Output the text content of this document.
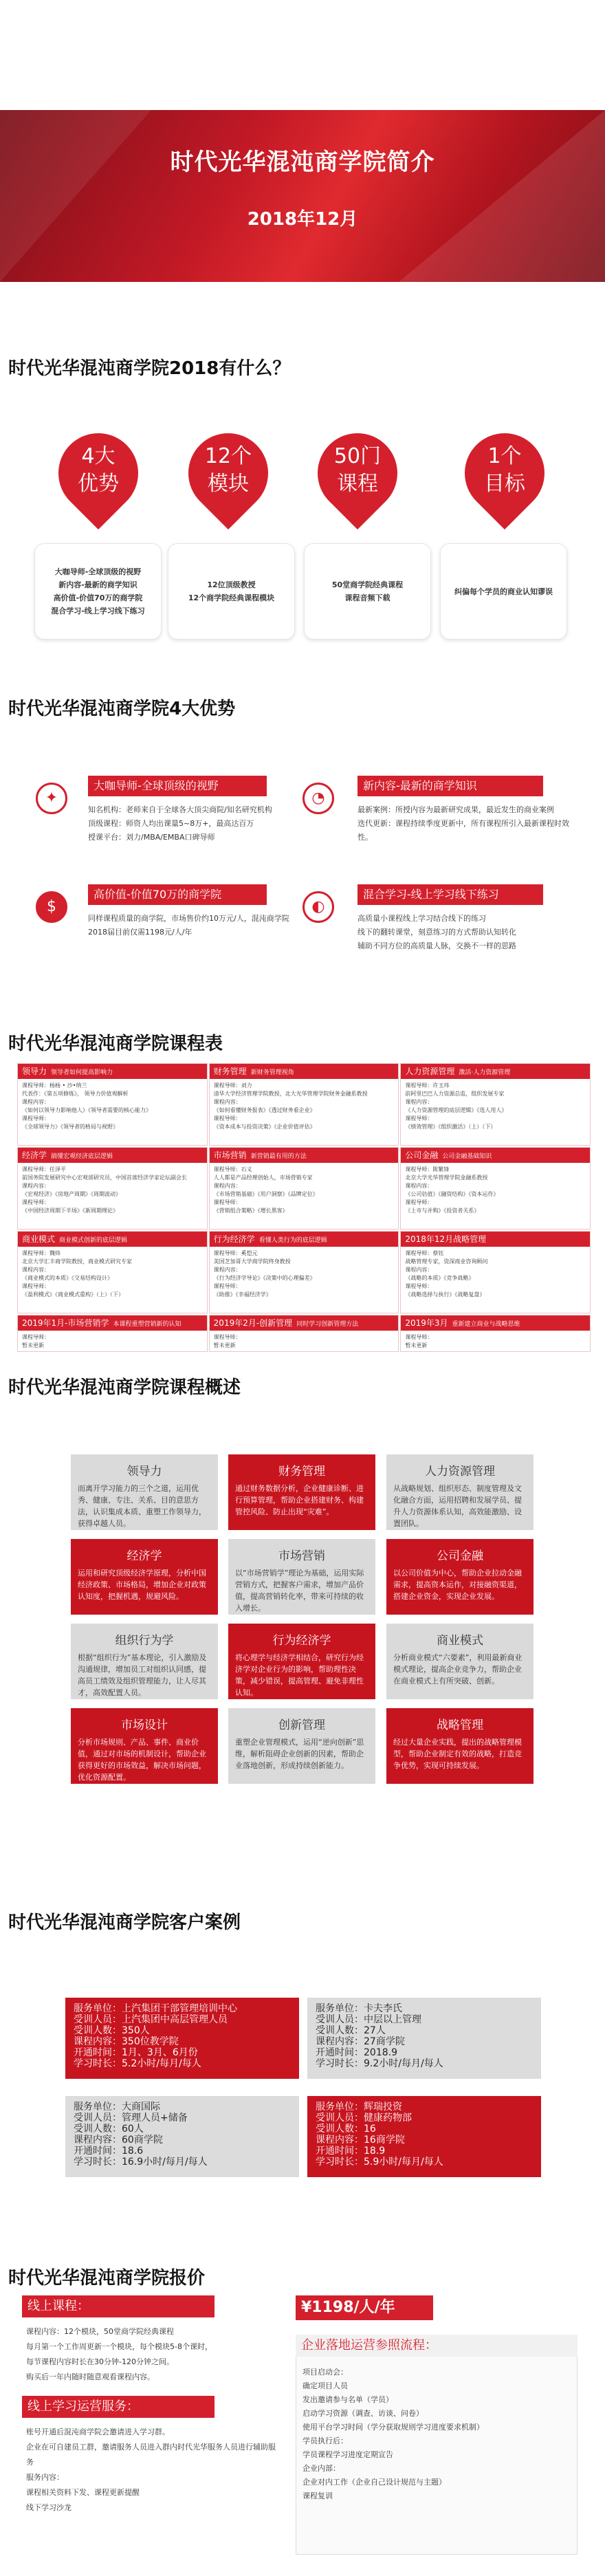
时代光华混沌商学院简介
2018年12月
时代光华混沌商学院2018有什么？
4大
优势
12个
模块
50门
课程
1个
目标
大咖导师-全球顶级的视野
新内容-最新的商学知识
高价值-价值70万的商学院
混合学习-线上学习线下练习
12位顶级教授
12个商学院经典课程模块
50堂商学院经典课程
课程音频下载
纠偏每个学员的商业认知谬误
时代光华混沌商学院4大优势
✦
大咖导师-全球顶级的视野
知名机构：老师来自于全球各大顶尖商院/知名研究机构
顶级课程：师资人均出课量5~8万+，最高达百万
授课平台：刘力/MBA/EMBA口碑导师
◔
新内容-最新的商学知识
最新案例：所授内容为最新研究成果，最近发生的商业案例
迭代更新：课程持续季度更新中，所有课程所引入最新课程时效性。
$
高价值-价值70万的商学院
同样课程质量的商学院，市场售价约10万元/人，混沌商学院2018届目前仅需1198元/人/年
◐
混合学习-线上学习线下练习
高质量小课程线上学习结合线下的练习
线下的翻转课堂，刻意练习的方式帮助认知转化
辅助不同方位的高质量人脉，交换不一样的思路
时代光华混沌商学院课程表
领导力 领导者如何提高影响力
课程导师：杨杨 • 沙•纳兰
代表作：《第五项修炼》， 领导力价值观解析
课程内容：
《如何以领导力影响他人》《领导者需要的核心能力》
课程导师：
《全球领导力》《领导者的格局与视野》
财务管理 新财务管理视角
课程导师：刘力
清华大学经济管理学院教授，北大光华管理学院财务金融系教授
课程内容：
《如何看懂财务报表》《透过财务看企业》
课程导师：
《资本成本与投资决策》《企业价值评估》
人力资源管理 激活·人力资源管理
课程导师：许玉玮
前阿里巴巴人力资源总监，组织发展专家
课程内容：
《人力资源管理的底层逻辑》《选人用人》
课程导师：
《绩效管理》《组织激活》（上）（下）
经济学 搞懂宏观经济底层逻辑
课程导师：任泽平
前国务院发展研究中心宏观部研究员，中国首席经济学家论坛副会长
课程内容：
《宏观经济》《房地产周期》《周期波动》
课程导师：
《中国经济周期下半场》《新周期理论》
市场营销 新营销最有用的方法
课程导师：石义
人人都是产品经理创始人，市场营销专家
课程内容：
《市场营销基础》《用户洞察》《品牌定位》
课程导师：
《营销组合策略》《增长黑客》
公司金融 公司金融基础知识
课程导师：陈繁锋
北京大学光华管理学院金融系教授
课程内容：
《公司估值》《融资结构》《资本运作》
课程导师：
《上市与并购》《投资者关系》
商业模式 商业模式创新的底层逻辑
课程导师：魏炜
北京大学汇丰商学院教授，商业模式研究专家
课程内容：
《商业模式的本质》《交易结构设计》
课程导师：
《盈利模式》《商业模式重构》（上）（下）
行为经济学 看懂人类行为的底层逻辑
课程导师：奚恺元
美国芝加哥大学商学院终身教授
课程内容：
《行为经济学导论》《决策中的心理偏差》
课程导师：
《助推》《幸福经济学》
2018年12月战略管理
课程导师：蔡钰
战略管理专家，资深商业咨询顾问
课程内容：
《战略的本质》《竞争战略》
课程导师：
《战略选择与执行》《战略复盘》
2019年1月-市场营销学 本课程重塑营销新的认知
课程导师：
暂未更新
2019年2月-创新管理 同时学习创新管理方法
课程导师：
暂未更新
2019年3月 重新建立商业与战略思维
课程导师：
暂未更新
时代光华混沌商学院课程概述
领导力
而离开学习能力的三个之道，运用优秀、健康、专注、关系、目的意思方法，认识集成本质、重塑工作领导力，获得卓越人员。
财务管理
通过财务数据分析，企业健康诊断、进行预算管理，帮助企业搭建财务、构建管控风险、防止出现“灾难”。
人力资源管理
从战略规划、组织形态、制度管理及文化融合方面，运用招聘和发展学员、提升人力资源体系认知，高效能激励、设置团队。
经济学
运用和研究顶级经济学原理，分析中国经济政策、市场格局，增加企业对政策认知度，把握机遇，规避风险。
市场营销
以“市场营销学”理论为基础，运用实际营销方式，把握客户需求，增加产品价值，提高营销转化率，带来可持续的收入增长。
公司金融
以公司价值为中心，帮助企业拉动金融需求，提高资本运作，对接融资渠道，搭建企业资金，实现企业发展。
组织行为学
根据“组织行为”基本理论，引入激励及沟通规律，增加员工对组织认同感，提高员工绩效及组织管理能力，让人尽其才，高效配置人员。
行为经济学
将心理学与经济学相结合，研究行为经济学对企业行为的影响，帮助理性决策，减少错误，提高管理、避免非理性认知。
商业模式
分析商业模式“六要素”，利用最新商业模式理论，提高企业竞争力，帮助企业在商业模式上有所突破、创新。
市场设计
分析市场规则、产品、事件、商业价值，通过对市场的机制设计，帮助企业获得更好的市场效益，解决市场问题，优化资源配置。
创新管理
重塑企业管理模式，运用“逆向创新”思维，解析阻碍企业创新的因素，帮助企业落地创新，形成持续创新能力。
战略管理
经过大量企业实践，提出的战略管理模型，帮助企业制定有效的战略，打造竞争优势，实现可持续发展。
时代光华混沌商学院客户案例
服务单位：上汽集团干部管理培训中心
受训人员：上汽集团中高层管理人员
受训人数：350人
课程内容：350位教学院
开通时间：1月、3月、6月份
学习时长：5.2小时/每月/每人
服务单位：卡夫李氏
受训人员：中层以上管理
受训人数：27人
课程内容：27商学院
开通时间：2018.9
学习时长：9.2小时/每月/每人
服务单位：大商国际
受训人员：管理人员+储备
受训人数：60人
课程内容：60商学院
开通时间：18.6
学习时长：16.9小时/每月/每人
服务单位：辉瑞投资
受训人员：健康药物部
受训人数：16
课程内容：16商学院
开通时间：18.9
学习时长：5.9小时/每月/每人
时代光华混沌商学院报价
线上课程：
课程内容：12个模块，50堂商学院经典课程
每月第一个工作周更新一个模块，每个模块5-8个课时，
每节课程内容时长在30分钟-120分钟之间。
购买后一年内随时随意观看课程内容。
线上学习运营服务：
账号开通后混沌商学院会邀请进入学习群。
企业在可自建员工群，邀请服务人员进入群内时代光华服务人员进行辅助服务
服务内容：
课程相关资料下发、课程更新提醒
线下学习沙龙
¥1198/人/年
企业落地运营参照流程：
项目启动会：
确定项目人员
发出邀请参与名单（学员）
启动学习资源（调查、访谈、问卷）
使用平台学习时间（学分获取规则学习进度要求机制）
学员执行后：
学员课程学习进度定期宣告
企业内部：
企业对内工作（企业自己设计规范与主题）
课程复训
